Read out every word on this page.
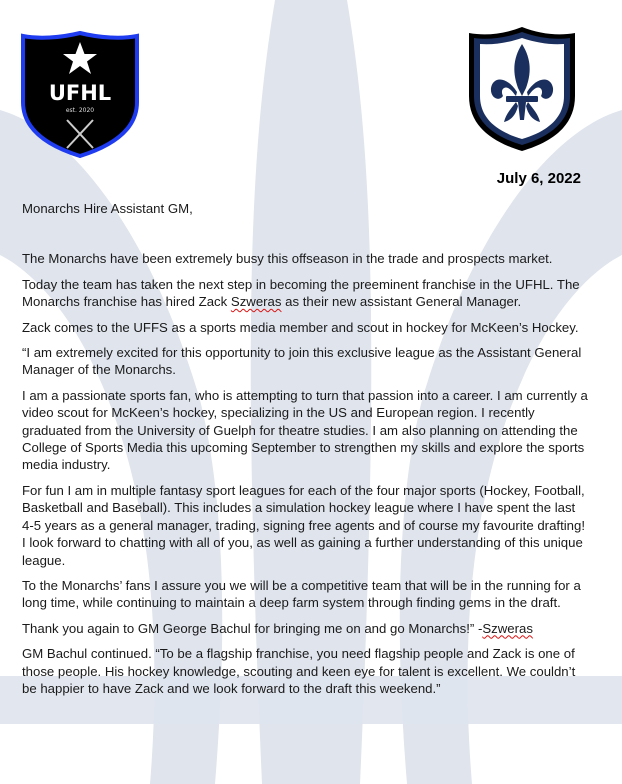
UFHL
est. 2020
July 6, 2022

Monarchs Hire Assistant GM,

The Monarchs have been extremely busy this offseason in the trade and prospects market.

Today the team has taken the next step in becoming the preeminent franchise in the UFHL. The Monarchs franchise has hired Zack Szweras as their new assistant General Manager.

Zack comes to the UFFS as a sports media member and scout in hockey for McKeen’s Hockey.

“I am extremely excited for this opportunity to join this exclusive league as the Assistant General Manager of the Monarchs.

I am a passionate sports fan, who is attempting to turn that passion into a career. I am currently a video scout for McKeen’s hockey, specializing in the US and European region. I recently graduated from the University of Guelph for theatre studies. I am also planning on attending the College of Sports Media this upcoming September to strengthen my skills and explore the sports media industry.

For fun I am in multiple fantasy sport leagues for each of the four major sports (Hockey, Football, Basketball and Baseball). This includes a simulation hockey league where I have spent the last 4-5 years as a general manager, trading, signing free agents and of course my favourite drafting! I look forward to chatting with all of you, as well as gaining a further understanding of this unique league.

To the Monarchs’ fans I assure you we will be a competitive team that will be in the running for a long time, while continuing to maintain a deep farm system through finding gems in the draft.

Thank you again to GM George Bachul for bringing me on and go Monarchs!” -Szweras

GM Bachul continued. “To be a flagship franchise, you need flagship people and Zack is one of those people. His hockey knowledge, scouting and keen eye for talent is excellent. We couldn’t be happier to have Zack and we look forward to the draft this weekend.”
